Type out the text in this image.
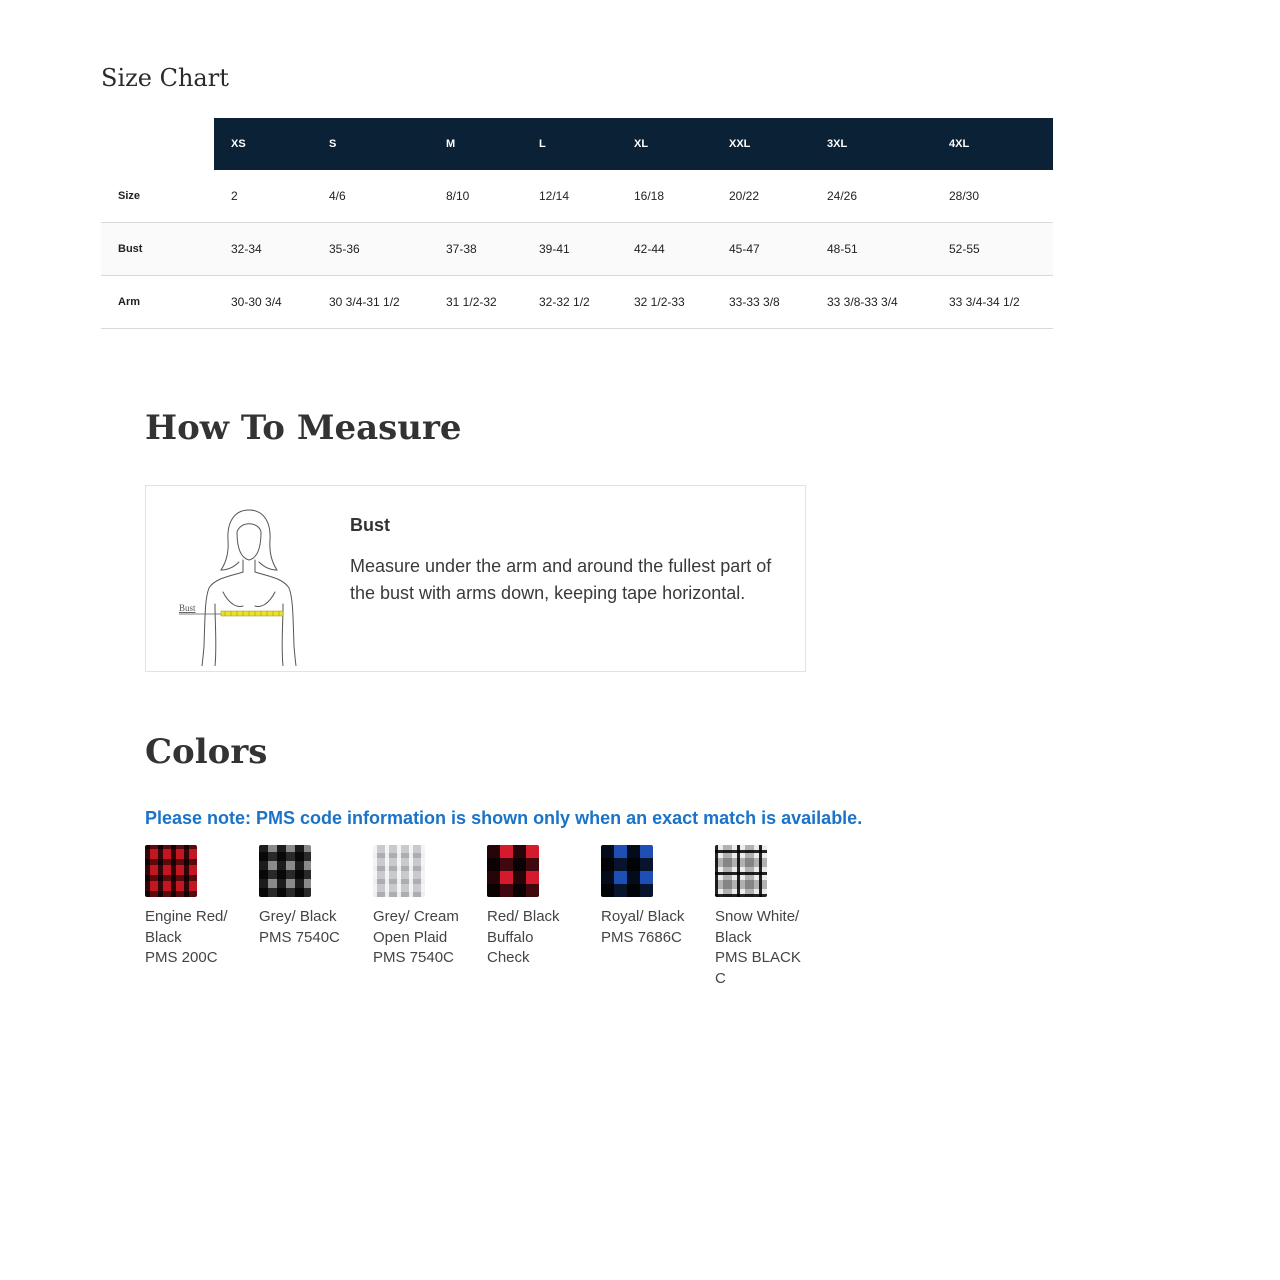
Size Chart
	XS	S	M	L	XL	XXL	3XL	4XL
Size	2	4/6	8/10	12/14	16/18	20/22	24/26	28/30
Bust	32-34	35-36	37-38	39-41	42-44	45-47	48-51	52-55
Arm	30-30 3/4	30 3/4-31 1/2	31 1/2-32	32-32 1/2	32 1/2-33	33-33 3/8	33 3/8-33 3/4	33 3/4-34 1/2
How To Measure
Bust
Bust

Measure under the arm and around the fullest part of the bust with arms down, keeping tape horizontal.

Colors

Please note: PMS code information is shown only when an exact match is available.

Engine Red/
Black
PMS 200C
Grey/ Black
PMS 7540C
Grey/ Cream
Open Plaid
PMS 7540C
Red/ Black
Buffalo
Check
Royal/ Black
PMS 7686C
Snow White/
Black
PMS BLACK
C
